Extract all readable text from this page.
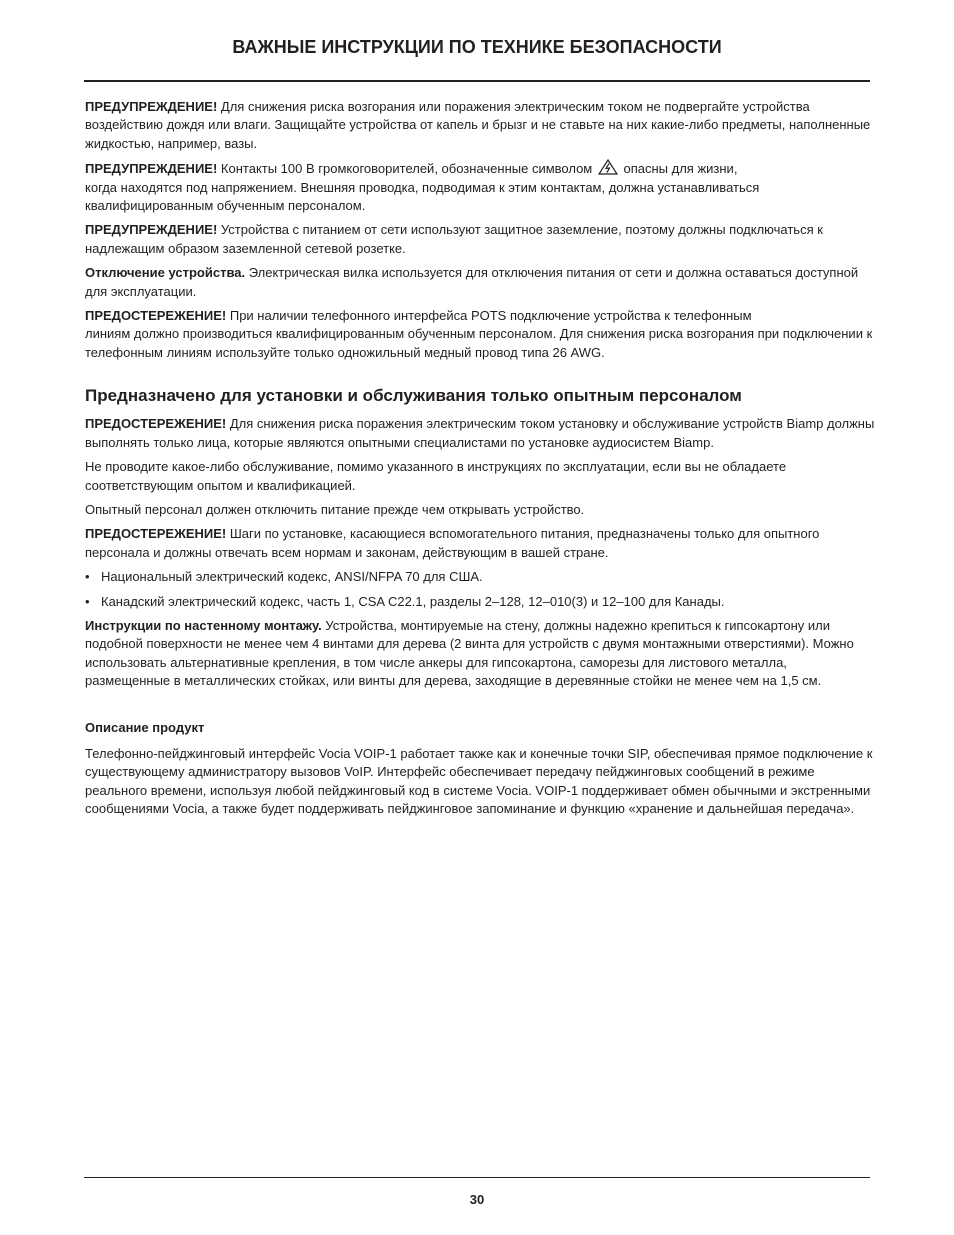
ВАЖНЫЕ ИНСТРУКЦИИ ПО ТЕХНИКЕ БЕЗОПАСНОСТИ

ПРЕДУПРЕЖДЕНИЕ! Для снижения риска возгорания или поражения электрическим током не подвергайте устройства воздействию дождя или влаги. Защищайте устройства от капель и брызг и не ставьте на них какие-либо предметы, наполненные жидкостью, например, вазы.

ПРЕДУПРЕЖДЕНИЕ! Контакты 100 В громкоговорителей, обозначенные символом опасны для жизни,
когда находятся под напряжением. Внешняя проводка, подводимая к этим контактам, должна устанавливаться квалифицированным обученным персоналом.

ПРЕДУПРЕЖДЕНИЕ! Устройства с питанием от сети используют защитное заземление, поэтому должны подключаться к надлежащим образом заземленной сетевой розетке.

Отключение устройства. Электрическая вилка используется для отключения питания от сети и должна оставаться доступной для эксплуатации.

ПРЕДОСТЕРЕЖЕНИЕ! При наличии телефонного интерфейса POTS подключение устройства к телефонным
линиям должно производиться квалифицированным обученным персоналом. Для снижения риска возгорания при подключении к телефонным линиям используйте только одножильный медный провод типа 26 AWG.

Предназначено для установки и обслуживания только опытным персоналом

ПРЕДОСТЕРЕЖЕНИЕ! Для снижения риска поражения электрическим током установку и обслуживание устройств Biamp должны выполнять только лица, которые являются опытными специалистами по установке аудиосистем Biamp.

Не проводите какое-либо обслуживание, помимо указанного в инструкциях по эксплуатации, если вы не обладаете соответствующим опытом и квалификацией.

Опытный персонал должен отключить питание прежде чем открывать устройство.

ПРЕДОСТЕРЕЖЕНИЕ! Шаги по установке, касающиеся вспомогательного питания, предназначены только для опытного персонала и должны отвечать всем нормам и законам, действующим в вашей стране.

• Национальный электрический кодекс, ANSI/NFPA 70 для США.
• Канадский электрический кодекс, часть 1, CSA C22.1, разделы 2–128, 12–010(3) и 12–100 для Канады.

Инструкции по настенному монтажу. Устройства, монтируемые на стену, должны надежно крепиться к гипсокартону или подобной поверхности не менее чем 4 винтами для дерева (2 винта для устройств с двумя монтажными отверстиями). Можно использовать альтернативные крепления, в том числе анкеры для гипсокартона, саморезы для листового металла, размещенные в металлических стойках, или винты для дерева, заходящие в деревянные стойки не менее чем на 1,5 см.

Описание продукт

Телефонно-пейджинговый интерфейс Vocia VOIP-1 работает также как и конечные точки SIP, обеспечивая прямое подключение к существующему администратору вызовов VoIP. Интерфейс обеспечивает передачу пейджинговых сообщений в режиме реального времени, используя любой пейджинговый код в системе Vocia. VOIP-1 поддерживает обмен обычными и экстренными сообщениями Vocia, а также будет поддерживать пейджинговое запоминание и функцию «хранение и дальнейшая передача».

30
